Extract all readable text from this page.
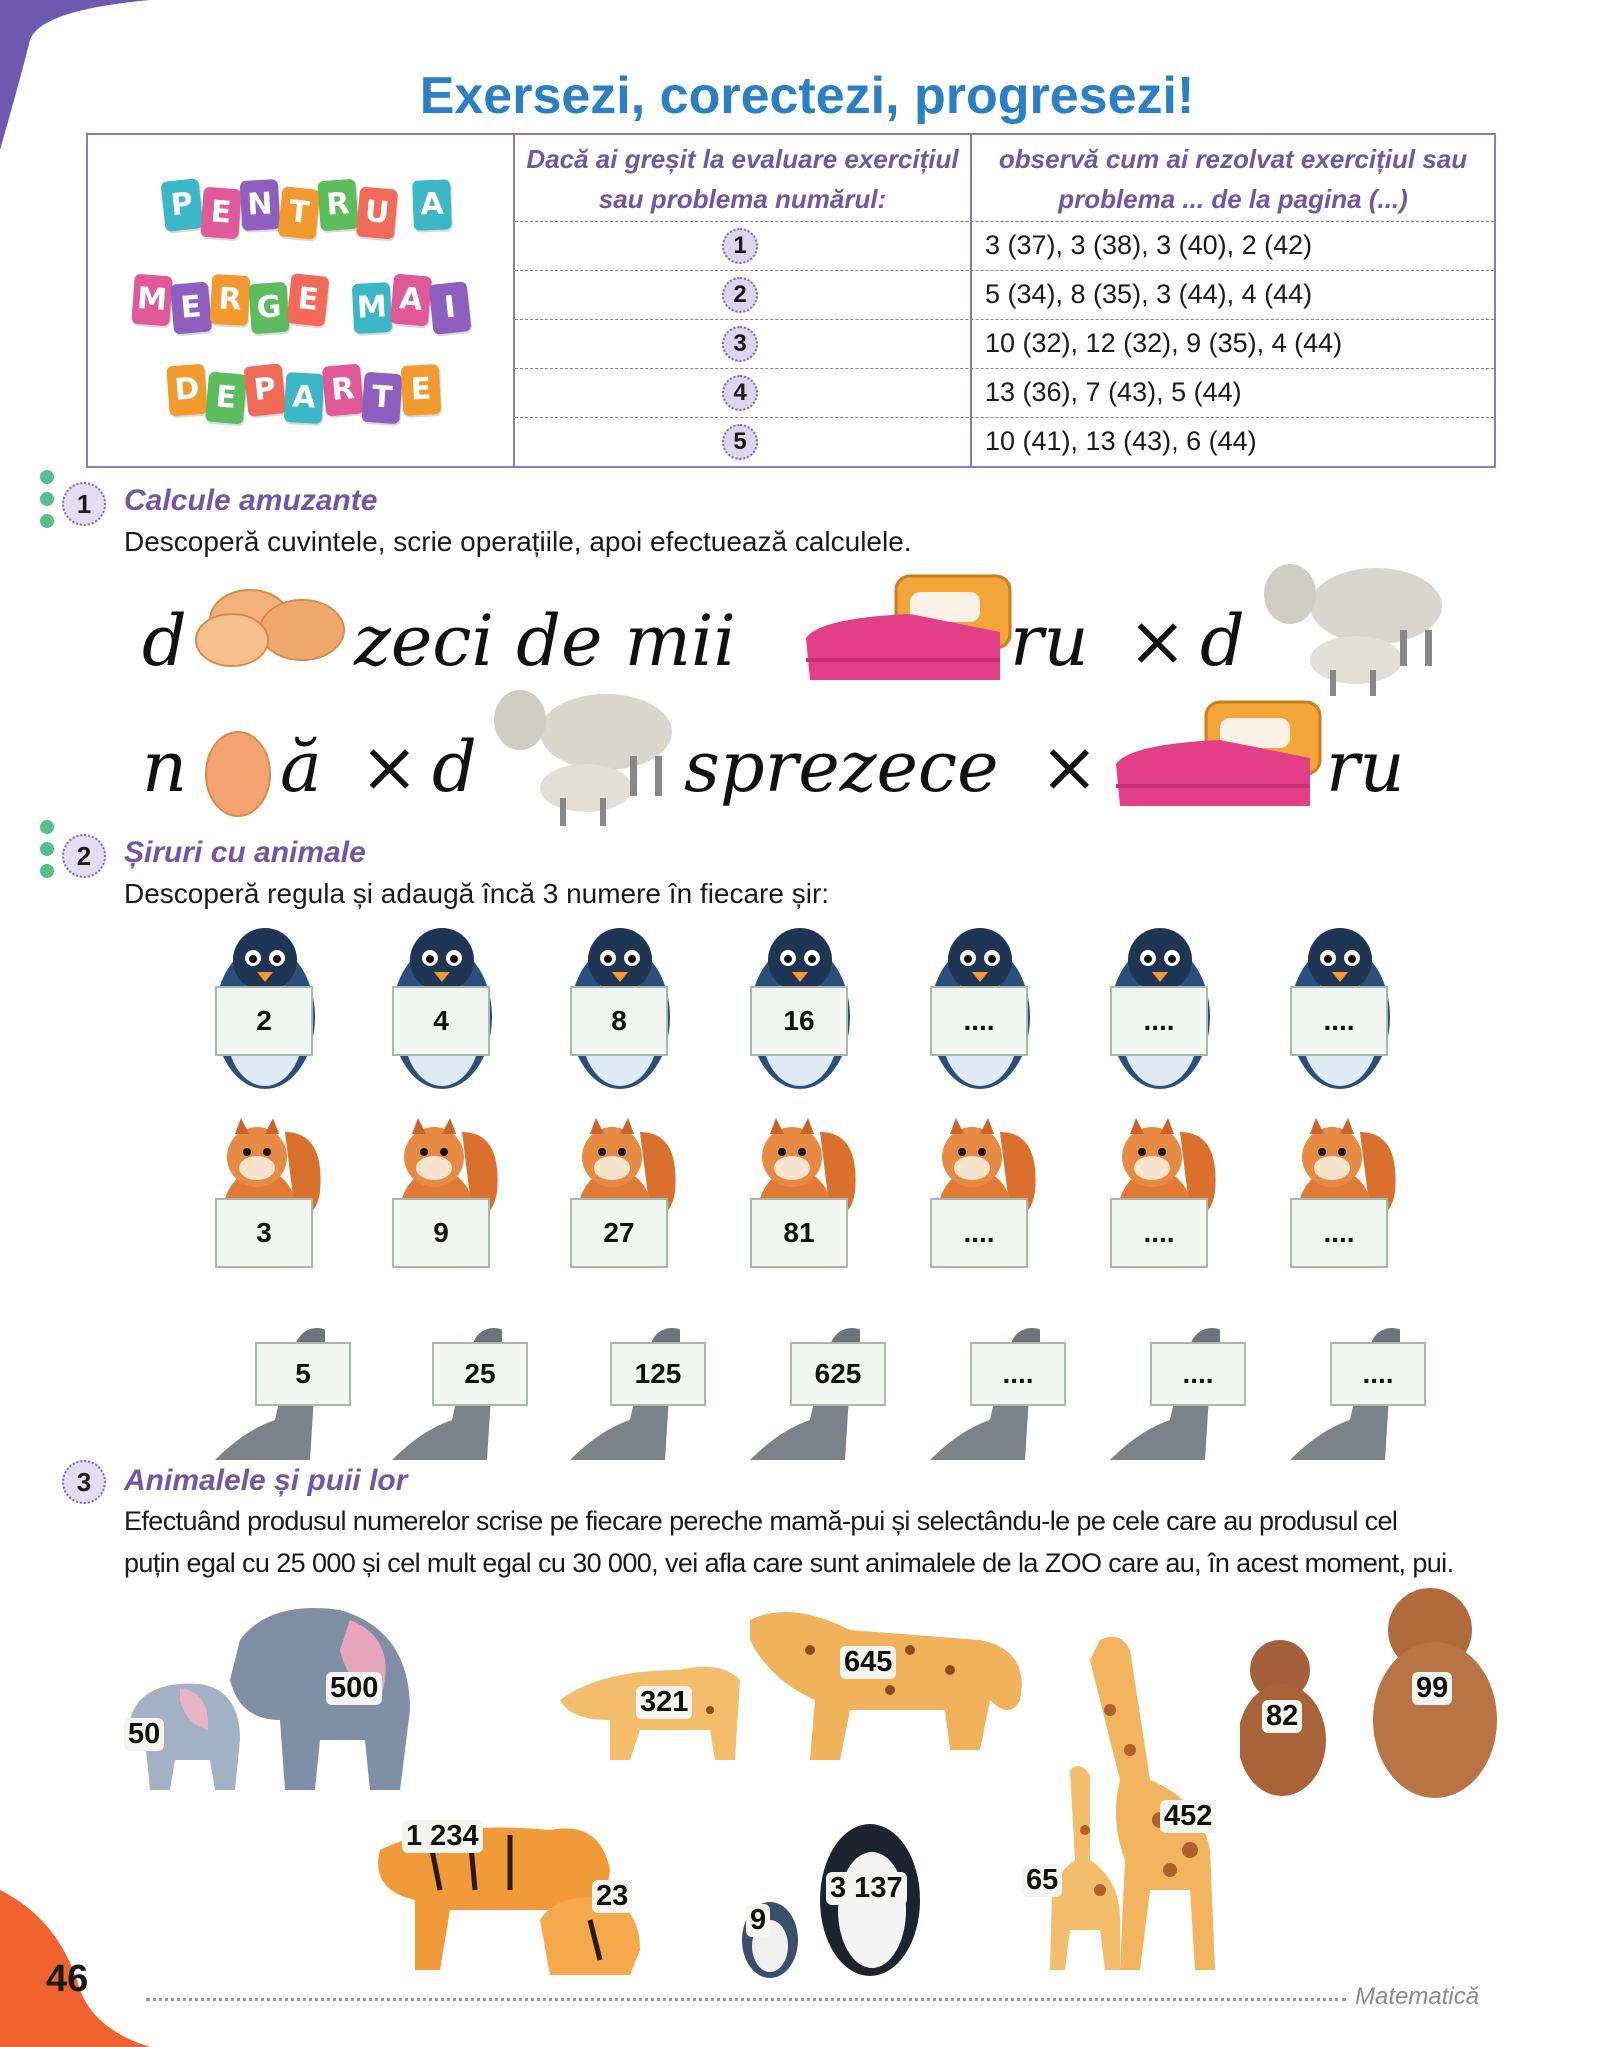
Exersezi, corectezi, progresezi!
P E N T R U A
M E R G E	M A I
D E P A R T E
Dacă ai greșit la evaluare exercițiul sau problema numărul:
observă cum ai rezolvat exercițiul sau problema ... de la pagina (...)
1	3 (37), 3 (38), 3 (40), 2 (42)
2	5 (34), 8 (35), 3 (44), 4 (44)
3	10 (32), 12 (32), 9 (35), 4 (44)
4	13 (36), 7 (43), 5 (44)
5	10 (41), 13 (43), 6 (44)
1	Calcule amuzante
Descoperă cuvintele, scrie operațiile, apoi efectuează calculele.
d zeci de mii	ru × d
n ă × d	sprezece ×	ru
2	Șiruri cu animale
Descoperă regula și adaugă încă 3 numere în fiecare șir:
2	4	8	16	....	....	....
3	9	27	81	....	....	....
5	25	125	625	....	....	....
3	Animalele și puii lor
Efectuând produsul numerelor scrise pe fiecare pereche mamă-pui și selectându-le pe cele care au produsul cel
puțin egal cu 25 000 și cel mult egal cu 30 000, vei afla care sunt animalele de la ZOO care au, în acest moment, pui.
500
50
645
321
452
65
99
82
1 234
23	3 137
9
46	Matematică
